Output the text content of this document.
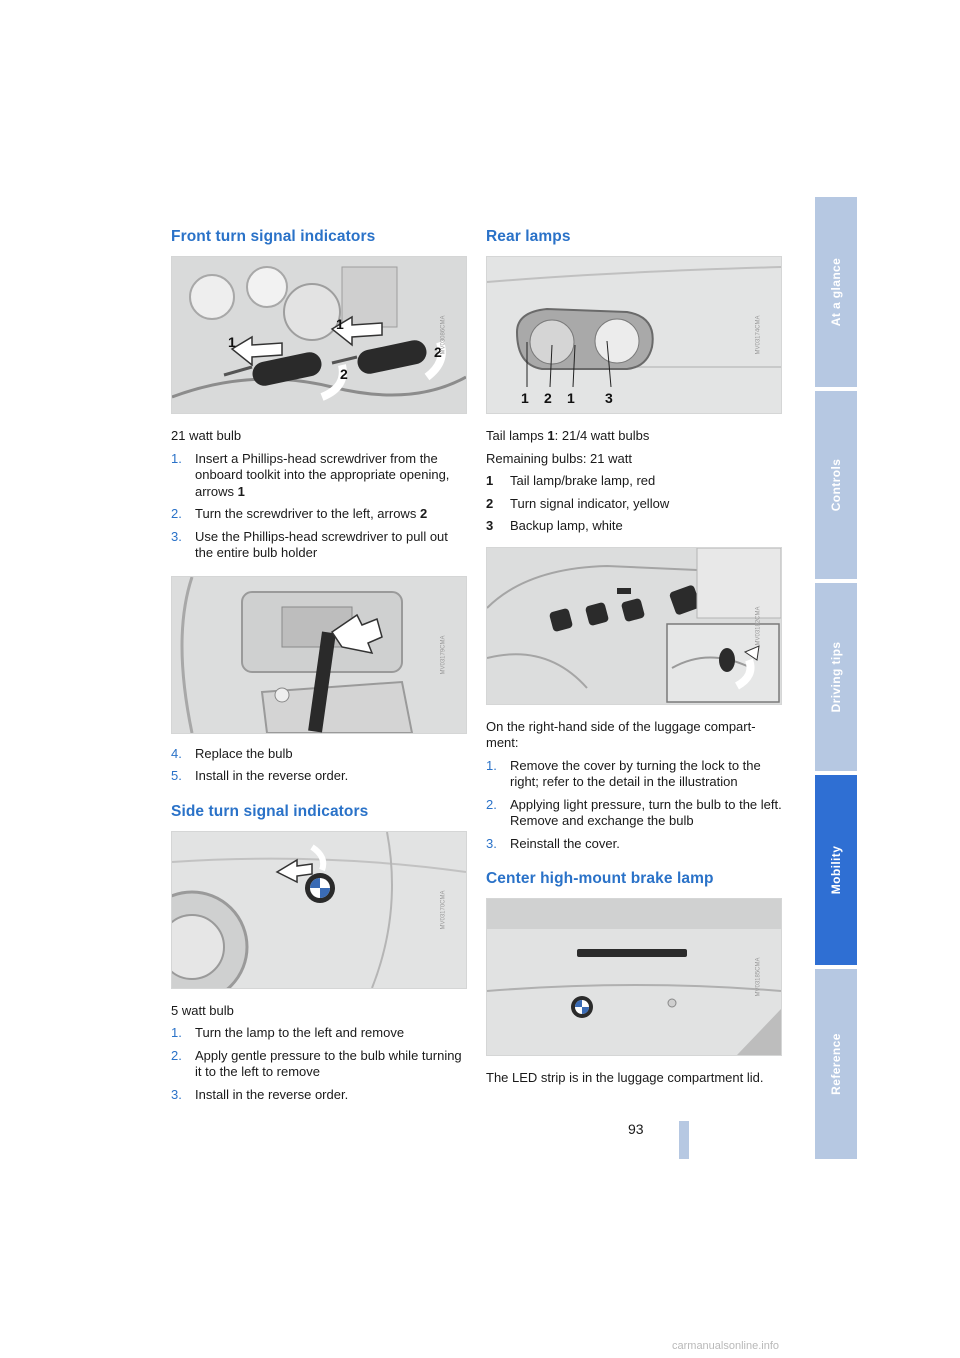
Front turn signal indicators
1
1
2
2
MV03086CMA

21 watt bulb

1. Insert a Phillips-head screwdriver from the onboard toolkit into the appropriate opening, arrows 1
2. Turn the screwdriver to the left, arrows 2
3. Use the Phillips-head screwdriver to pull out the entire bulb holder
MV03179CMA
4. Replace the bulb
5. Install in the reverse order.
Side turn signal indicators
MV03170CMA

5 watt bulb

1. Turn the lamp to the left and remove
2. Apply gentle pressure to the bulb while turning it to the left to remove
3. Install in the reverse order.
Rear lamps
1 2 1 3
MV03174CMA

Tail lamps 1: 21/4 watt bulbs

Remaining bulbs: 21 watt

1 Tail lamp/brake lamp, red
2 Turn signal indicator, yellow
3 Backup lamp, white
MV03182CMA

On the right-hand side of the luggage compartment:

1. Remove the cover by turning the lock to the right; refer to the detail in the illustration
2. Applying light pressure, turn the bulb to the left. Remove and exchange the bulb
3. Reinstall the cover.
Center high-mount brake lamp
MV03185CMA

The LED strip is in the luggage compartment lid.

At a glance
Controls
Driving tips
Mobility
Reference
93
carmanualsonline.info
